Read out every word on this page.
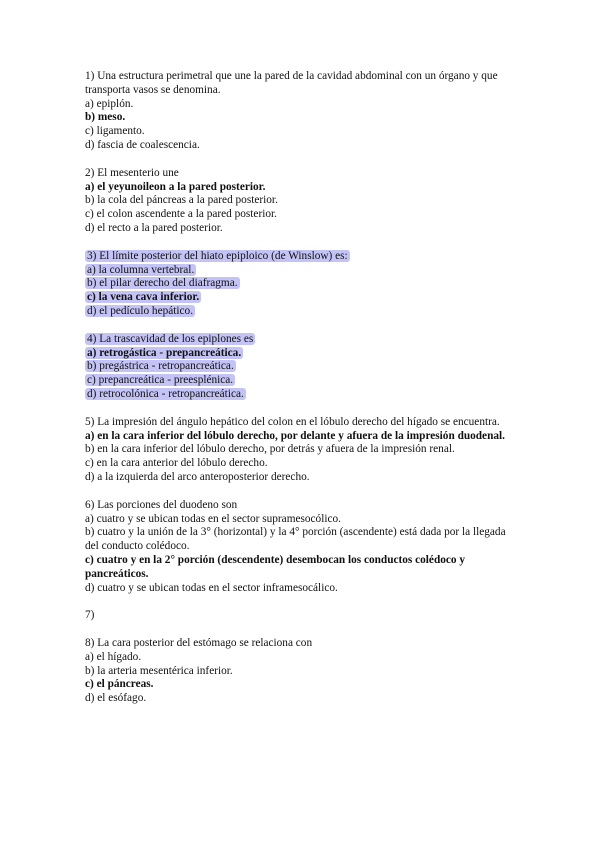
1) Una estructura perimetral que une la pared de la cavidad abdominal con un órgano y que transporta vasos se denomina.
a) epiplón.
b) meso.
c) ligamento.
d) fascia de coalescencia.
2) El mesenterio une
a) el yeyunoileon a la pared posterior.
b) la cola del páncreas a la pared posterior.
c) el colon ascendente a la pared posterior.
d) el recto a la pared posterior.
3) El límite posterior del hiato epiploico (de Winslow) es:
a) la columna vertebral.
b) el pilar derecho del diafragma.
c) la vena cava inferior.
d) el pedículo hepático.
4) La trascavidad de los epiplones es
a) retrogástica - prepancreática.
b) pregástrica - retropancreática.
c) prepancreática - preesplénica.
d) retrocolónica - retropancreática.
5) La impresión del ángulo hepático del colon en el lóbulo derecho del hígado se encuentra.
a) en la cara inferior del lóbulo derecho, por delante y afuera de la impresión duodenal.
b) en la cara inferior del lóbulo derecho, por detrás y afuera de la impresión renal.
c) en la cara anterior del lóbulo derecho.
d) a la izquierda del arco anteroposterior derecho.
6) Las porciones del duodeno son
a) cuatro y se ubican todas en el sector supramesocólico.
b) cuatro y la unión de la 3° (horizontal) y la 4° porción (ascendente) está dada por la llegada del conducto colédoco.
c) cuatro y en la 2° porción (descendente) desembocan los conductos colédoco y pancreáticos.
d) cuatro y se ubican todas en el sector inframesocálico.
7)
8) La cara posterior del estómago se relaciona con
a) el hígado.
b) la arteria mesentérica inferior.
c) el páncreas.
d) el esófago.
